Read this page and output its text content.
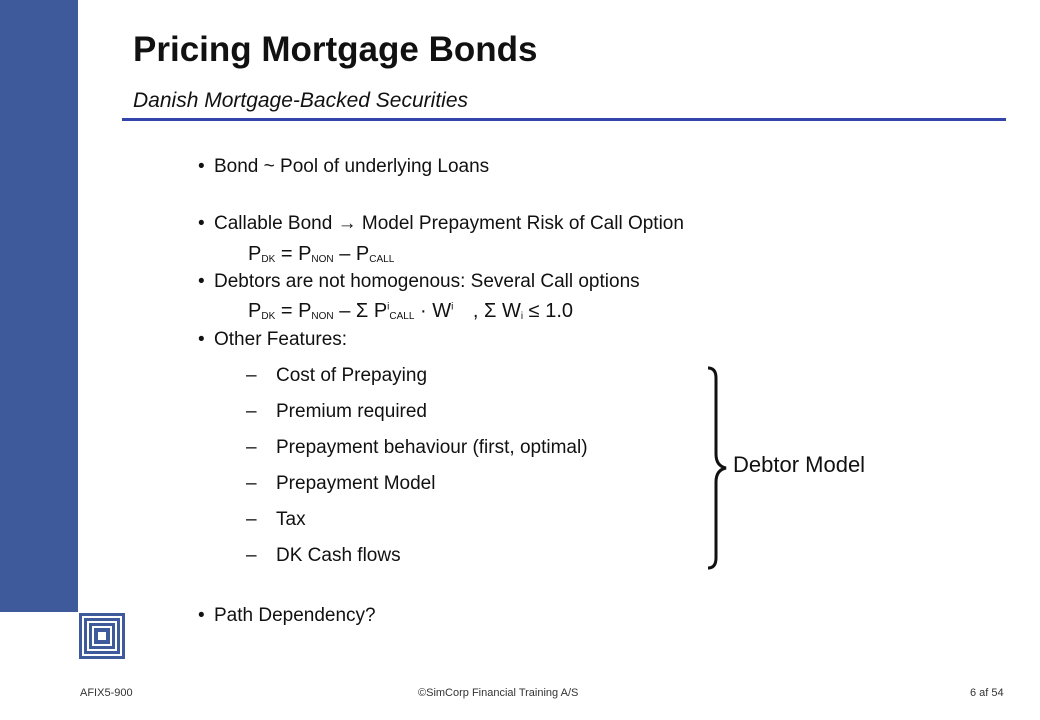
Pricing Mortgage Bonds
Danish Mortgage-Backed Securities
• Bond ~ Pool of underlying Loans
• Callable Bond → Model Prepayment Risk of Call Option
$P_{DK} = P_{NON} - P_{CALL}$
• Debtors are not homogenous: Several Call options
$P_{DK} = P_{NON} - \Sigma$ $P^i_{CALL} \cdot W^i$ , Σ $W_i \le 1.0$
• Other Features:
– Cost of Prepaying
– Premium required
– Prepayment behaviour (first, optimal)
– Prepayment Model
– Tax
– DK Cash flows
Debtor Model
• Path Dependency?
AFIX5-900	©SimCorp Financial Training A/S	6 af 54
